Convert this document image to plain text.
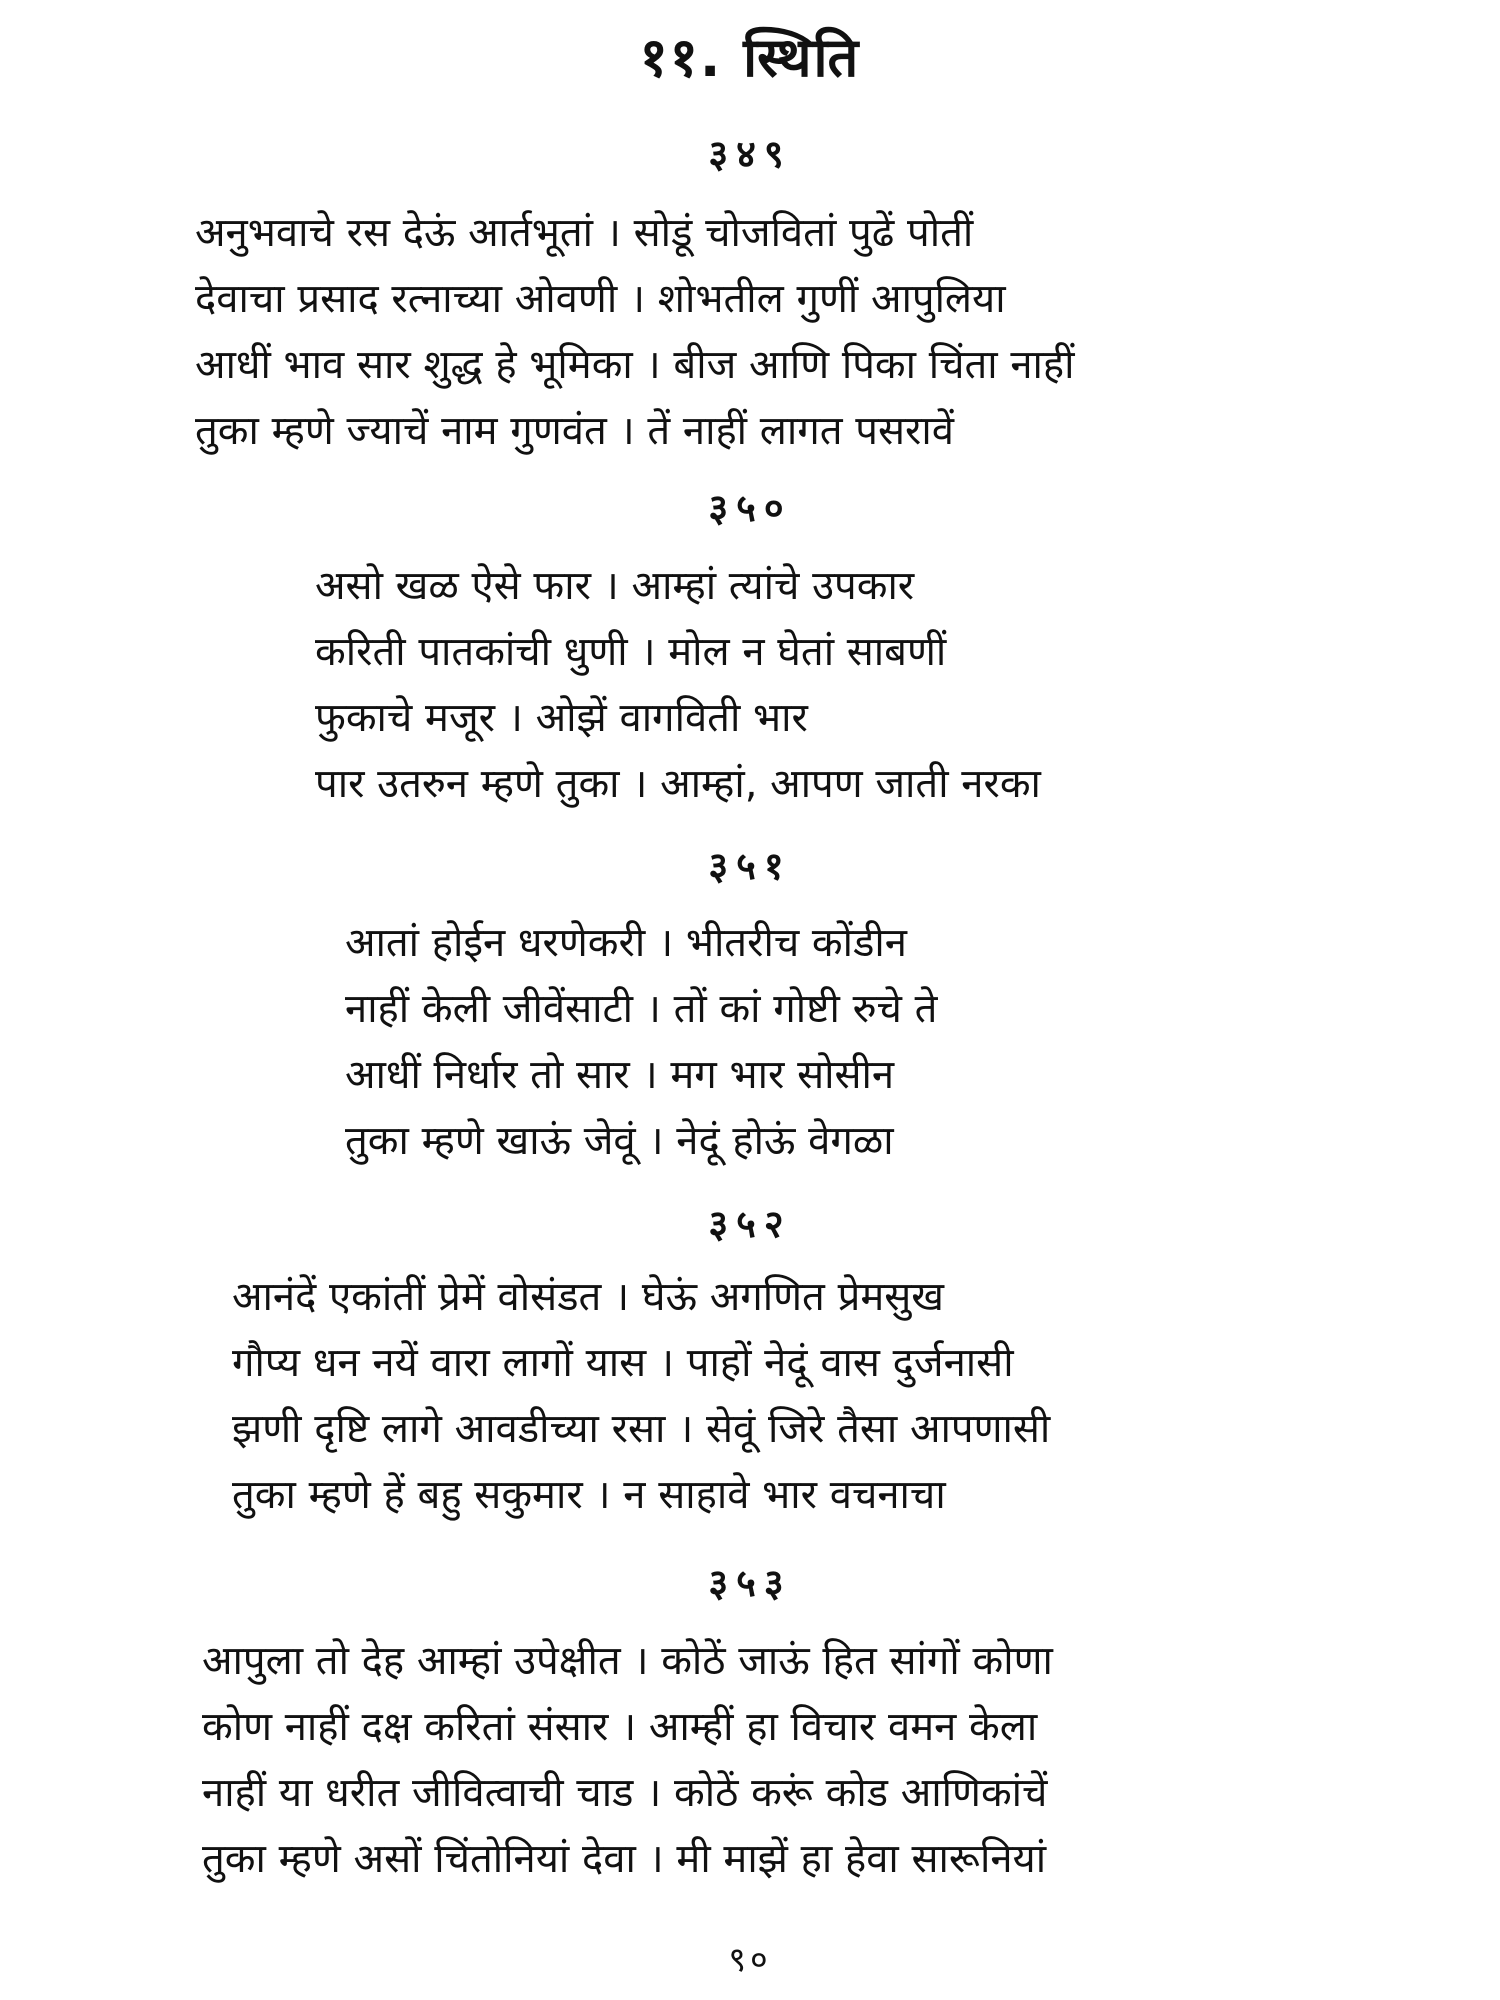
११. स्थिति
३४९
अनुभवाचे रस देऊं आर्तभूतां । सोडूं चोजवितां पुढें पोतीं
देवाचा प्रसाद रत्नाच्या ओवणी । शोभतील गुणीं आपुलिया
आधीं भाव सार शुद्ध हे भूमिका । बीज आणि पिका चिंता नाहीं
तुका म्हणे ज्याचें नाम गुणवंत । तें नाहीं लागत पसरावें
३५०
असो खळ ऐसे फार । आम्हां त्यांचे उपकार
करिती पातकांची धुणी । मोल न घेतां साबणीं
फुकाचे मजूर । ओझें वागविती भार
पार उतरुन म्हणे तुका । आम्हां, आपण जाती नरका
३५१
आतां होईन धरणेकरी । भीतरीच कोंडीन
नाहीं केली जीवेंसाटी । तों कां गोष्टी रुचे ते
आधीं निर्धार तो सार । मग भार सोसीन
तुका म्हणे खाऊं जेवूं । नेदूं होऊं वेगळा
३५२
आनंदें एकांतीं प्रेमें वोसंडत । घेऊं अगणित प्रेमसुख
गौप्य धन नयें वारा लागों यास । पाहों नेदूं वास दुर्जनासी
झणी दृष्टि लागे आवडीच्या रसा । सेवूं जिरे तैसा आपणासी
तुका म्हणे हें बहु सकुमार । न साहावे भार वचनाचा
३५३
आपुला तो देह आम्हां उपेक्षीत । कोठें जाऊं हित सांगों कोणा
कोण नाहीं दक्ष करितां संसार । आम्हीं हा विचार वमन केला
नाहीं या धरीत जीवित्वाची चाड । कोठें करूं कोड आणिकांचें
तुका म्हणे असों चिंतोनियां देवा । मी माझें हा हेवा सारूनियां
९०
